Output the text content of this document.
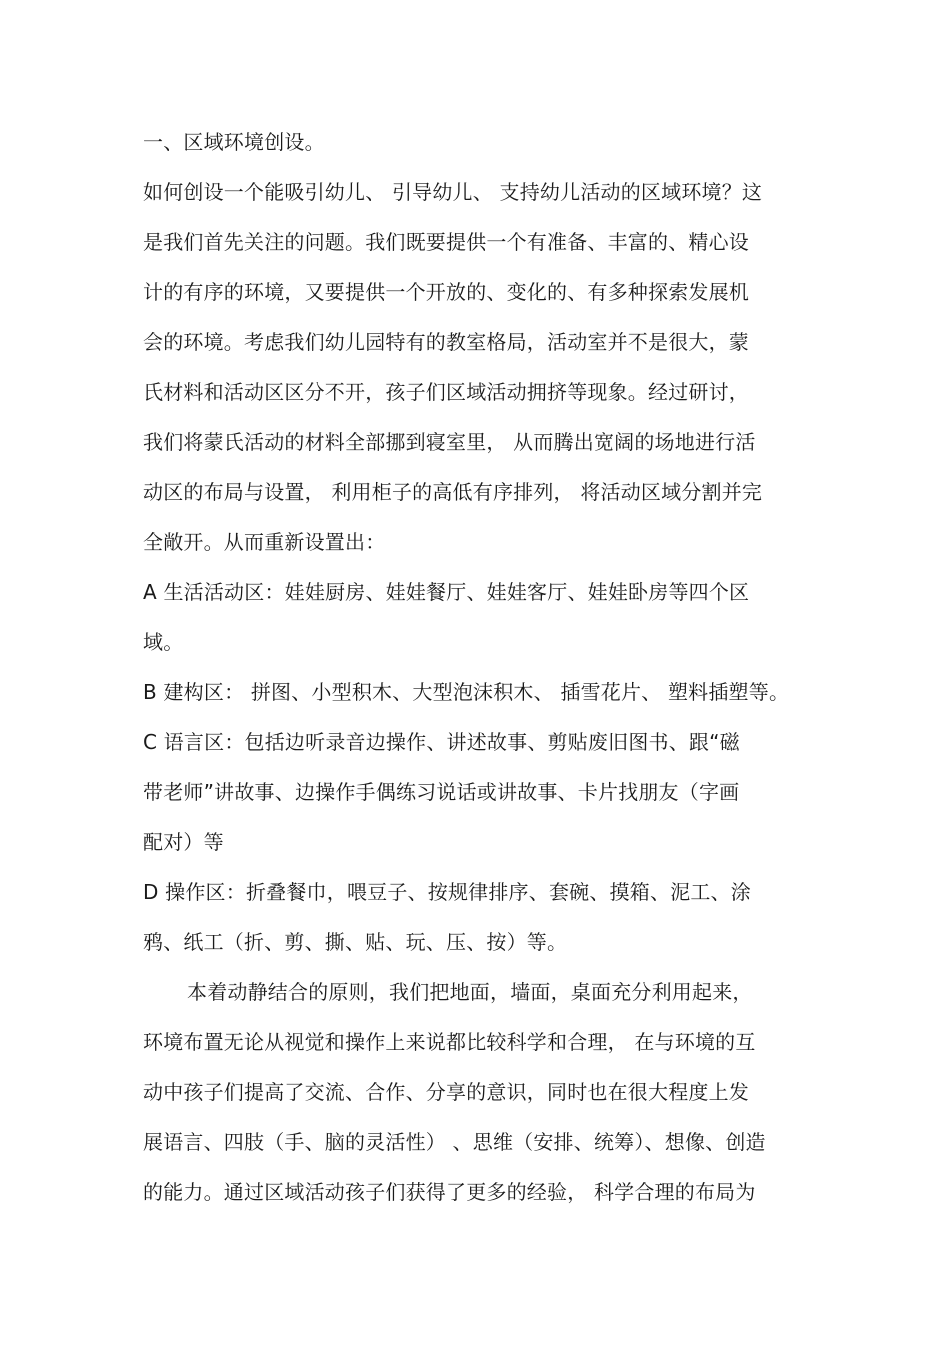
一、区域环境创设。
如何创设一个能吸引幼儿、 引导幼儿、 支持幼儿活动的区域环境？这
是我们首先关注的问题。我们既要提供一个有准备、丰富的、精心设
计的有序的环境，又要提供一个开放的、变化的、有多种探索发展机
会的环境。考虑我们幼儿园特有的教室格局，活动室并不是很大，蒙
氏材料和活动区区分不开，孩子们区域活动拥挤等现象。经过研讨，
我们将蒙氏活动的材料全部挪到寝室里， 从而腾出宽阔的场地进行活
动区的布局与设置， 利用柜子的高低有序排列， 将活动区域分割并完
全敞开。从而重新设置出：
A 生活活动区：娃娃厨房、娃娃餐厅、娃娃客厅、娃娃卧房等四个区
域。
B 建构区： 拼图、小型积木、大型泡沫积木、 插雪花片、 塑料插塑等。
C 语言区：包括边听录音边操作、讲述故事、剪贴废旧图书、跟“磁
带老师”讲故事、边操作手偶练习说话或讲故事、卡片找朋友（字画
配对）等
D 操作区：折叠餐巾，喂豆子、按规律排序、套碗、摸箱、泥工、涂
鸦、纸工（折、剪、撕、贴、玩、压、按）等。
本着动静结合的原则，我们把地面，墙面，桌面充分利用起来，
环境布置无论从视觉和操作上来说都比较科学和合理， 在与环境的互
动中孩子们提高了交流、合作、分享的意识，同时也在很大程度上发
展语言、四肢（手、脑的灵活性） 、思维（安排、统筹）、想像、创造
的能力。通过区域活动孩子们获得了更多的经验， 科学合理的布局为
